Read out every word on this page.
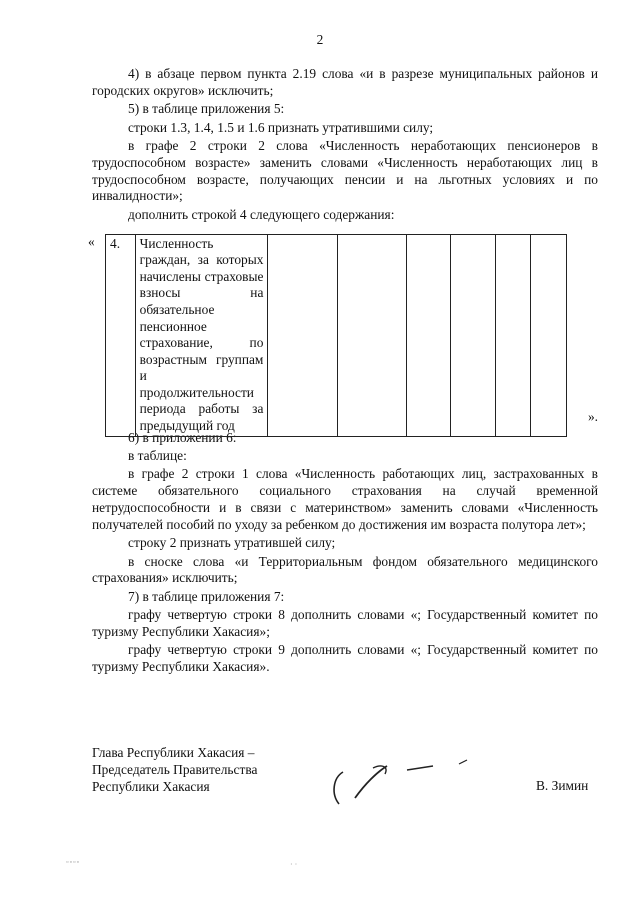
2

4) в абзаце первом пункта 2.19 слова «и в разрезе муниципальных районов и городских округов» исключить;

5) в таблице приложения 5:

строки 1.3, 1.4, 1.5 и 1.6 признать утратившими силу;

в графе 2 строки 2 слова «Численность неработающих пенсионеров в трудоспособном возрасте» заменить словами «Численность неработающих лиц в трудоспособном возрасте, получающих пенсии и на льготных условиях и по инвалидности»;

дополнить строкой 4 следующего содержания:

« 4.	Численность граждан, за которых начислены страховые взносы на обязательное пенсионное страхование, по возрастным группам и продолжительности периода работы за предыдущий год						
».

6) в приложении 6:

в таблице:

в графе 2 строки 1 слова «Численность работающих лиц, застрахованных в системе обязательного социального страхования на случай временной нетрудоспособности и в связи с материнством» заменить словами «Численность получателей пособий по уходу за ребенком до достижения им возраста полутора лет»;

строку 2 признать утратившей силу;

в сноске слова «и Территориальным фондом обязательного медицинского страхования» исключить;

7) в таблице приложения 7:

графу четвертую строки 8 дополнить словами «; Государственный комитет по туризму Республики Хакасия»;

графу четвертую строки 9 дополнить словами «; Государственный комитет по туризму Республики Хакасия».

Глава Республики Хакасия –
Председатель Правительства
Республики Хакасия	В. Зимин
▫▫▫▫	· ·
